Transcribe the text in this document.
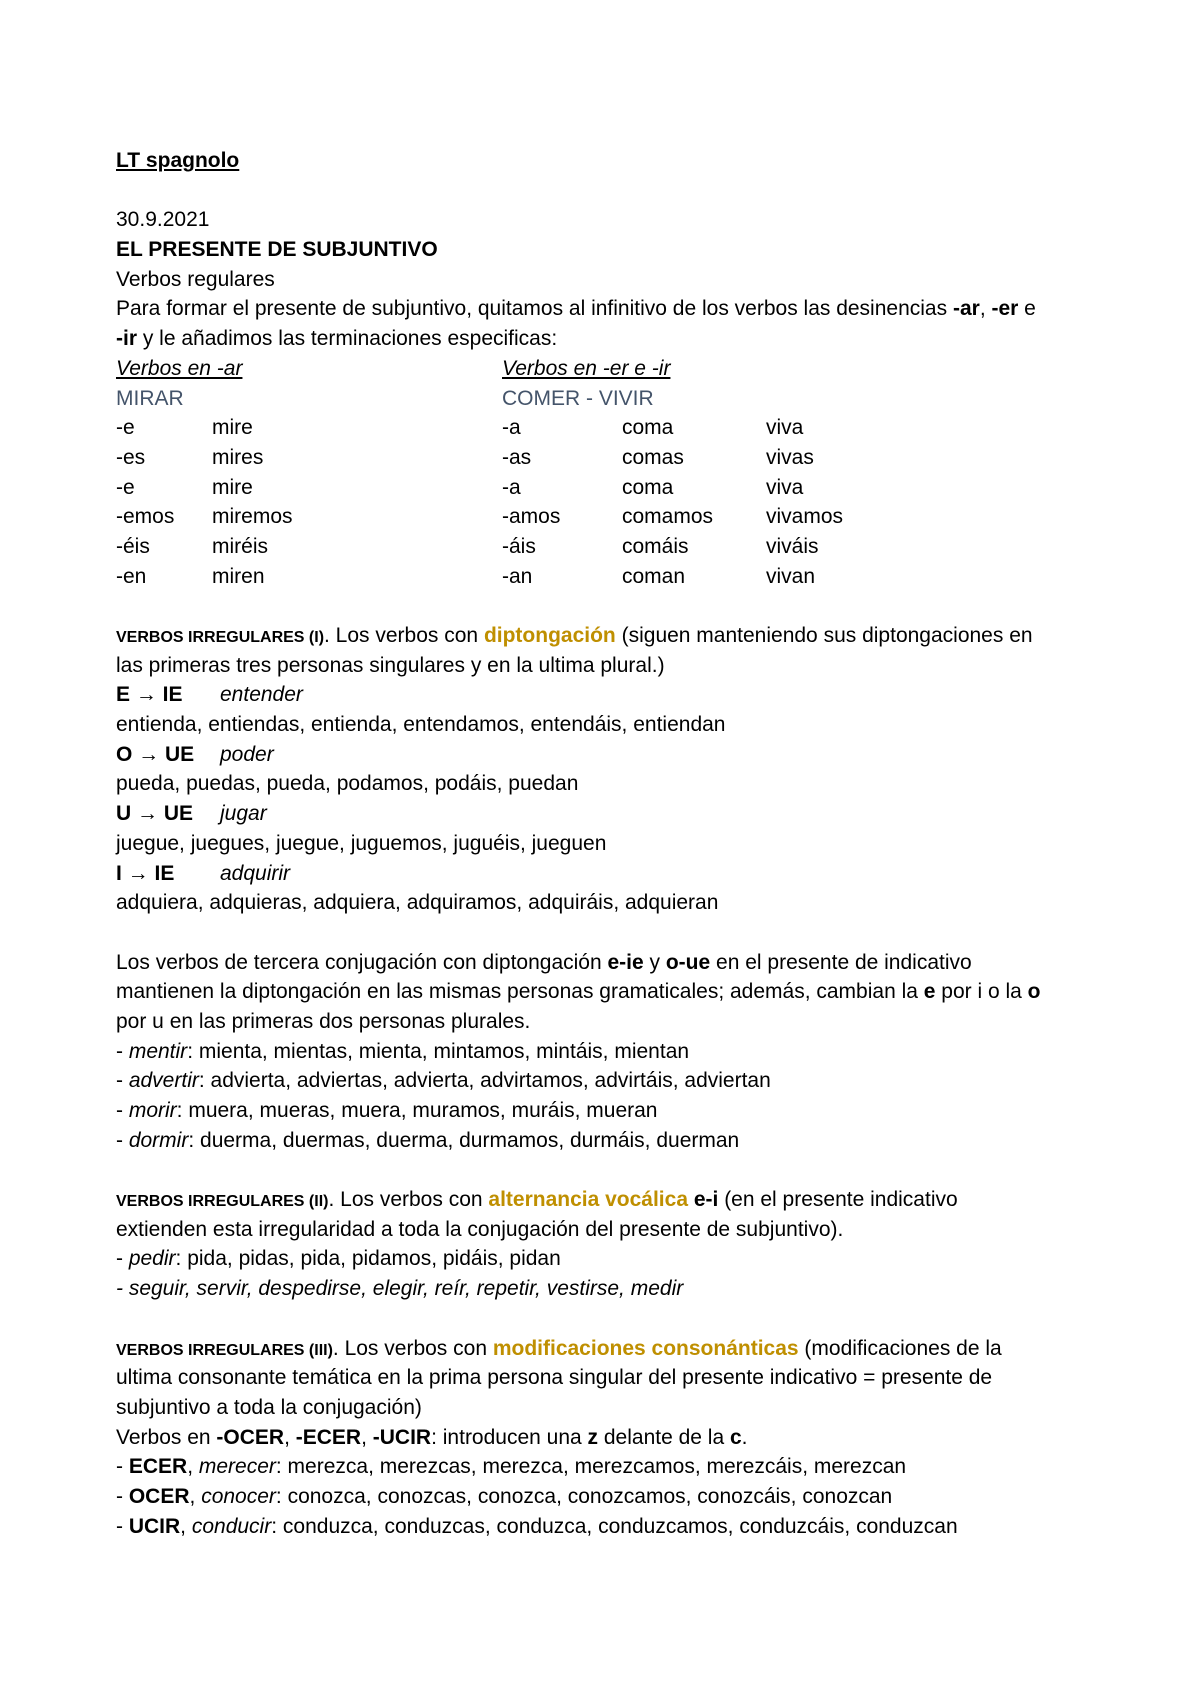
LT spagnolo
30.9.2021
EL PRESENTE DE SUBJUNTIVO
Verbos regulares
Para formar el presente de subjuntivo, quitamos al infinitivo de los verbos las desinencias -ar, -er e
-ir y le añadimos las terminaciones especificas:
Verbos en -ar	Verbos en -er e -ir
MIRAR	COMER - VIVIR
-e	mire	-a	coma	viva
-es	mires	-as	comas	vivas
-e	mire	-a	coma	viva
-emos miremos	-amos	comamos	vivamos
-éis	miréis	-áis	comáis	viváis
-en	miren	-an	coman	vivan
VERBOS IRREGULARES (I). Los verbos con diptongación (siguen manteniendo sus diptongaciones en
las primeras tres personas singulares y en la ultima plural.)
E → IE entender
entienda, entiendas, entienda, entendamos, entendáis, entiendan
O → UE poder
pueda, puedas, pueda, podamos, podáis, puedan
U → UE jugar
juegue, juegues, juegue, juguemos, juguéis, jueguen
I → IE adquirir
adquiera, adquieras, adquiera, adquiramos, adquiráis, adquieran
Los verbos de tercera conjugación con diptongación e-ie y o-ue en el presente de indicativo
mantienen la diptongación en las mismas personas gramaticales; además, cambian la e por i o la o
por u en las primeras dos personas plurales.
- mentir: mienta, mientas, mienta, mintamos, mintáis, mientan
- advertir: advierta, adviertas, advierta, advirtamos, advirtáis, adviertan
- morir: muera, mueras, muera, muramos, muráis, mueran
- dormir: duerma, duermas, duerma, durmamos, durmáis, duerman
VERBOS IRREGULARES (II). Los verbos con alternancia vocálica e-i (en el presente indicativo
extienden esta irregularidad a toda la conjugación del presente de subjuntivo).
- pedir: pida, pidas, pida, pidamos, pidáis, pidan
- seguir, servir, despedirse, elegir, reír, repetir, vestirse, medir
VERBOS IRREGULARES (III). Los verbos con modificaciones consonánticas (modificaciones de la
ultima consonante temática en la prima persona singular del presente indicativo = presente de
subjuntivo a toda la conjugación)
Verbos en -OCER, -ECER, -UCIR: introducen una z delante de la c.
- ECER, merecer: merezca, merezcas, merezca, merezcamos, merezcáis, merezcan
- OCER, conocer: conozca, conozcas, conozca, conozcamos, conozcáis, conozcan
- UCIR, conducir: conduzca, conduzcas, conduzca, conduzcamos, conduzcáis, conduzcan
